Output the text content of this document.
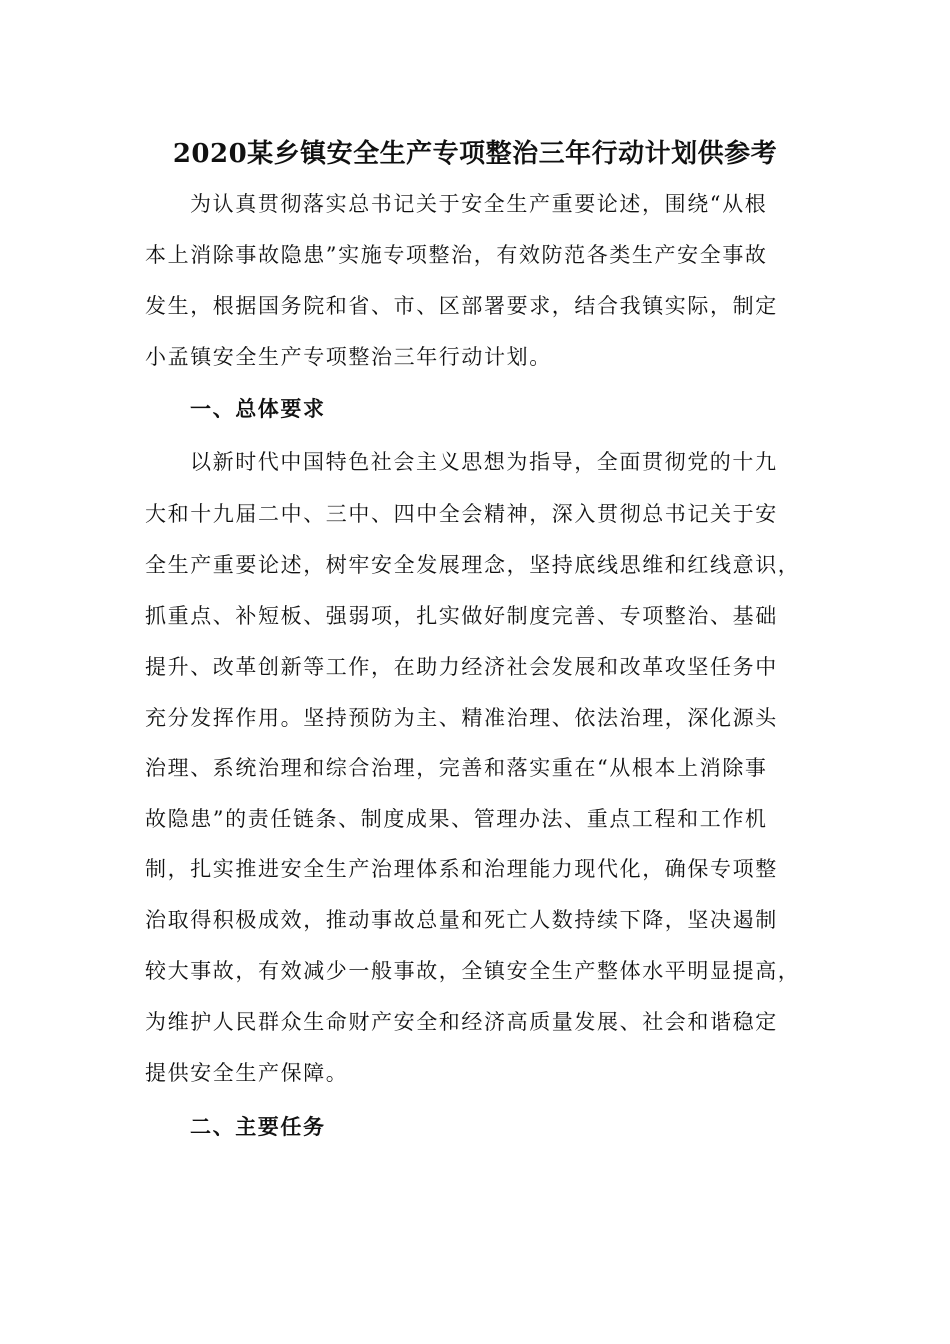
2020某乡镇安全生产专项整治三年行动计划供参考
为认真贯彻落实总书记关于安全生产重要论述，围绕“从根
本上消除事故隐患”实施专项整治，有效防范各类生产安全事故
发生，根据国务院和省、市、区部署要求，结合我镇实际，制定
小孟镇安全生产专项整治三年行动计划。
一、总体要求
以新时代中国特色社会主义思想为指导，全面贯彻党的十九
大和十九届二中、三中、四中全会精神，深入贯彻总书记关于安
全生产重要论述，树牢安全发展理念，坚持底线思维和红线意识，
抓重点、补短板、强弱项，扎实做好制度完善、专项整治、基础
提升、改革创新等工作，在助力经济社会发展和改革攻坚任务中
充分发挥作用。坚持预防为主、精准治理、依法治理，深化源头
治理、系统治理和综合治理，完善和落实重在“从根本上消除事
故隐患”的责任链条、制度成果、管理办法、重点工程和工作机
制，扎实推进安全生产治理体系和治理能力现代化，确保专项整
治取得积极成效，推动事故总量和死亡人数持续下降，坚决遏制
较大事故，有效减少一般事故，全镇安全生产整体水平明显提高，
为维护人民群众生命财产安全和经济高质量发展、社会和谐稳定
提供安全生产保障。
二、主要任务
